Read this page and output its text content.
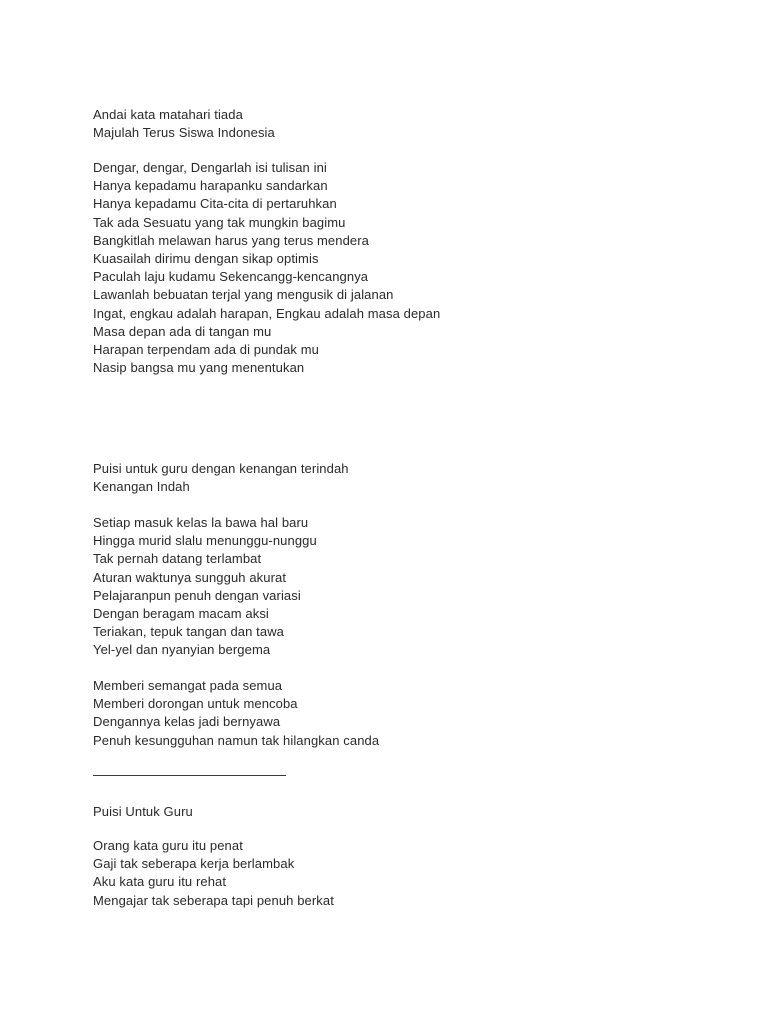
Andai kata matahari tiada
Majulah Terus Siswa Indonesia
Dengar, dengar, Dengarlah isi tulisan ini
Hanya kepadamu harapanku sandarkan
Hanya kepadamu Cita-cita di pertaruhkan
Tak ada Sesuatu yang tak mungkin bagimu
Bangkitlah melawan harus yang terus mendera
Kuasailah dirimu dengan sikap optimis
Paculah laju kudamu Sekencangg-kencangnya
Lawanlah bebuatan terjal yang mengusik di jalanan
Ingat, engkau adalah harapan, Engkau adalah masa depan
Masa depan ada di tangan mu
Harapan terpendam ada di pundak mu
Nasip bangsa mu yang menentukan
Puisi untuk guru dengan kenangan terindah
Kenangan Indah
Setiap masuk kelas la bawa hal baru
Hingga murid slalu menunggu-nunggu
Tak pernah datang terlambat
Aturan waktunya sungguh akurat
Pelajaranpun penuh dengan variasi
Dengan beragam macam aksi
Teriakan, tepuk tangan dan tawa
Yel-yel dan nyanyian bergema
Memberi semangat pada semua
Memberi dorongan untuk mencoba
Dengannya kelas jadi bernyawa
Penuh kesungguhan namun tak hilangkan canda
Puisi Untuk Guru
Orang kata guru itu penat
Gaji tak seberapa kerja berlambak
Aku kata guru itu rehat
Mengajar tak seberapa tapi penuh berkat
